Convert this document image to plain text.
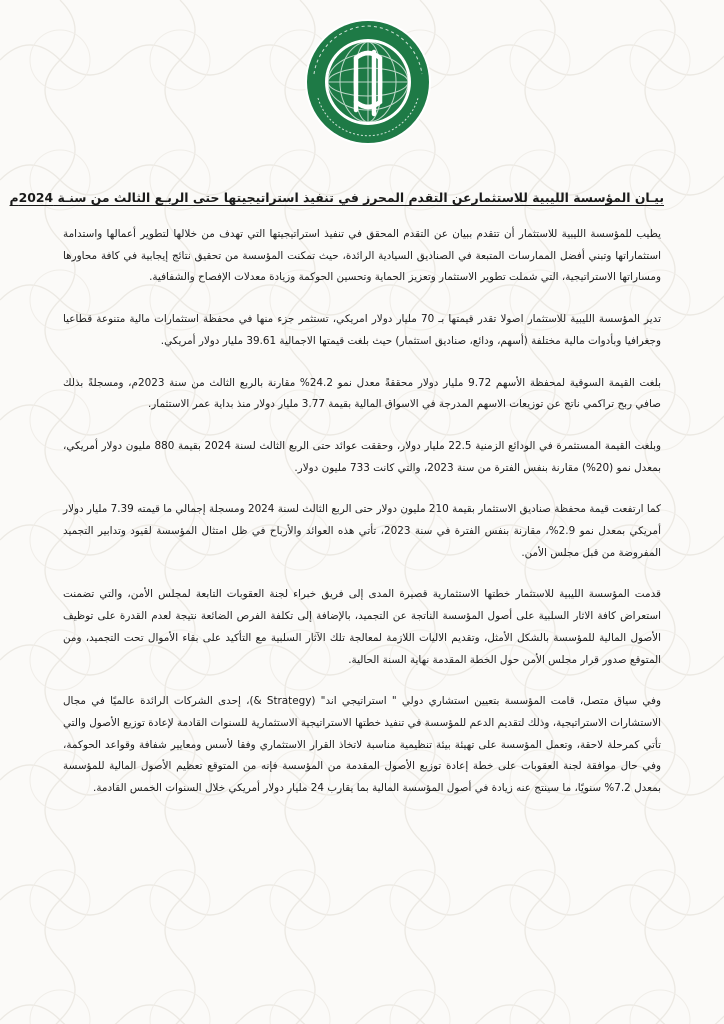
بيـان المؤسسة الليبية للاستثمارعن التقدم المحرز في تنفيذ استراتيجيتها حتى الربـع الثالث من سنـة 2024م

يطيب للمؤسسة الليبية للاستثمار أن تتقدم ببيان عن التقدم المحقق في تنفيذ استراتيجيتها التي تهدف من خلالها لتطوير أعمالها واستدامة استثماراتها وتبني أفضل الممارسات المتبعة في الصناديق السيادية الرائدة، حيث تمكنت المؤسسة من تحقيق نتائج إيجابية في كافة محاورها ومساراتها الاستراتيجية، التي شملت تطوير الاستثمار وتعزيز الحماية وتحسين الحوكمة وزيادة معدلات الإفصاح والشفافية.

تدير المؤسسة الليبية للاستثمار اصولا تقدر قيمتها بـ 70 مليار دولار امريكي، تستثمر جزء منها في محفظة استثمارات مالية متنوعة قطاعيا وجغرافيا وبأدوات مالية مختلفة (أسهم، ودائع، صناديق استثمار) حيث بلغت قيمتها الاجمالية 39.61 مليار دولار أمريكي.

بلغت القيمة السوقية لمحفظة الأسهم 9.72 مليار دولار محققةً معدل نمو 24.2% مقارنة بالربع الثالث من سنة 2023م، ومسجلةً بذلك صافي ربح تراكمي ناتج عن توزيعات الاسهم المدرجة في الاسواق المالية بقيمة 3.77 مليار دولار منذ بداية عمر الاستثمار.

وبلغت القيمة المستثمرة في الودائع الزمنية 22.5 مليار دولار، وحققت عوائد حتى الربع الثالث لسنة 2024 بقيمة 880 مليون دولار أمريكي، بمعدل نمو (20%) مقارنة بنفس الفترة من سنة 2023، والتي كانت 733 مليون دولار.

كما ارتفعت قيمة محفظة صناديق الاستثمار بقيمة 210 مليون دولار حتى الربع الثالث لسنة 2024 ومسجلة إجمالي ما قيمته 7.39 مليار دولار أمريكي بمعدل نمو 2.9%، مقارنة بنفس الفترة في سنة 2023، تأتي هذه العوائد والأرباح في ظل امتثال المؤسسة لقيود وتدابير التجميد المفروضة من قبل مجلس الأمن.

قدمت المؤسسة الليبية للاستثمار خطتها الاستثمارية قصيرة المدى إلى فريق خبراء لجنة العقوبات التابعة لمجلس الأمن، والتي تضمنت استعراض كافة الاثار السلبية على أصول المؤسسة الناتجة عن التجميد، بالإضافة إلى تكلفة الفرص الضائعة نتيجة لعدم القدرة على توظيف الأصول المالية للمؤسسة بالشكل الأمثل، وتقديم الاليات اللازمة لمعالجة تلك الآثار السلبية مع التأكيد على بقاء الأموال تحت التجميد، ومن المتوقع صدور قرار مجلس الأمن حول الخطة المقدمة نهاية السنة الحالية.

وفي سياق متصل، قامت المؤسسة بتعيين استشاري دولي " استراتيجي اند" (Strategy &)، إحدى الشركات الرائدة عالميًا في مجال الاستشارات الاستراتيجية، وذلك لتقديم الدعم للمؤسسة في تنفيذ خطتها الاستراتيجية الاستثمارية للسنوات القادمة لإعادة توزيع الأصول والتي تأتي كمرحلة لاحقة، وتعمل المؤسسة على تهيئة بيئة تنظيمية مناسبة لاتخاذ القرار الاستثماري وفقا لأسس ومعايير شفافة وقواعد الحوكمة، وفي حال موافقة لجنة العقوبات على خطة إعادة توزيع الأصول المقدمة من المؤسسة فإنه من المتوقع تعظيم الأصول المالية للمؤسسة بمعدل 7.2% سنويًا، ما سينتج عنه زيادة في أصول المؤسسة المالية بما يقارب 24 مليار دولار أمريكي خلال السنوات الخمس القادمة.
